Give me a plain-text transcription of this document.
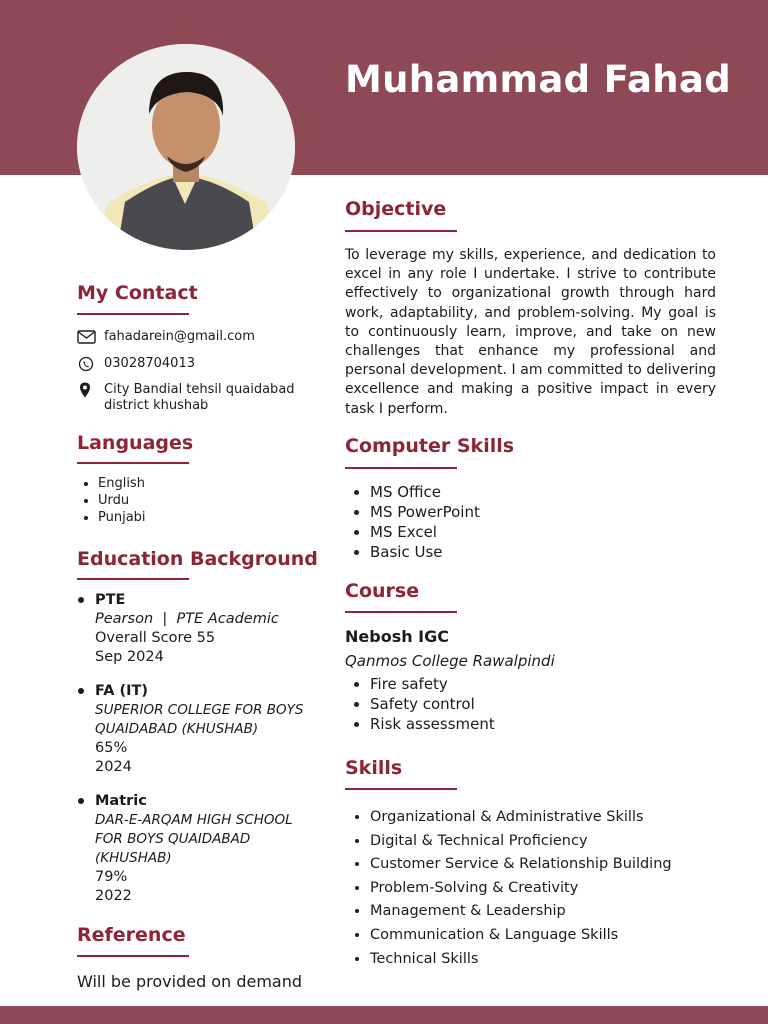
Muhammad Fahad
My Contact
fahadarein@gmail.com
03028704013
City Bandial tehsil quaidabad district khushab
Languages
• English
• Urdu
• Punjabi
Education Background
PTE
Pearson  |  PTE Academic
Overall Score 55
Sep 2024
FA (IT)
SUPERIOR COLLEGE FOR BOYS QUAIDABAD (KHUSHAB)
65%
2024
Matric
DAR-E-ARQAM HIGH SCHOOL FOR BOYS QUAIDABAD (KHUSHAB)
79%
2022
Reference
Will be provided on demand
Objective
To leverage my skills, experience, and dedication to excel in any role I undertake. I strive to contribute effectively to organizational growth through hard work, adaptability, and problem-solving. My goal is to continuously learn, improve, and take on new challenges that enhance my professional and personal development. I am committed to delivering excellence and making a positive impact in every task I perform.
Computer Skills
• MS Office
• MS PowerPoint
• MS Excel
• Basic Use
Course
Nebosh IGC
Qanmos College Rawalpindi
• Fire safety
• Safety control
• Risk assessment
Skills
• Organizational & Administrative Skills
• Digital & Technical Proficiency
• Customer Service & Relationship Building
• Problem-Solving & Creativity
• Management & Leadership
• Communication & Language Skills
• Technical Skills
